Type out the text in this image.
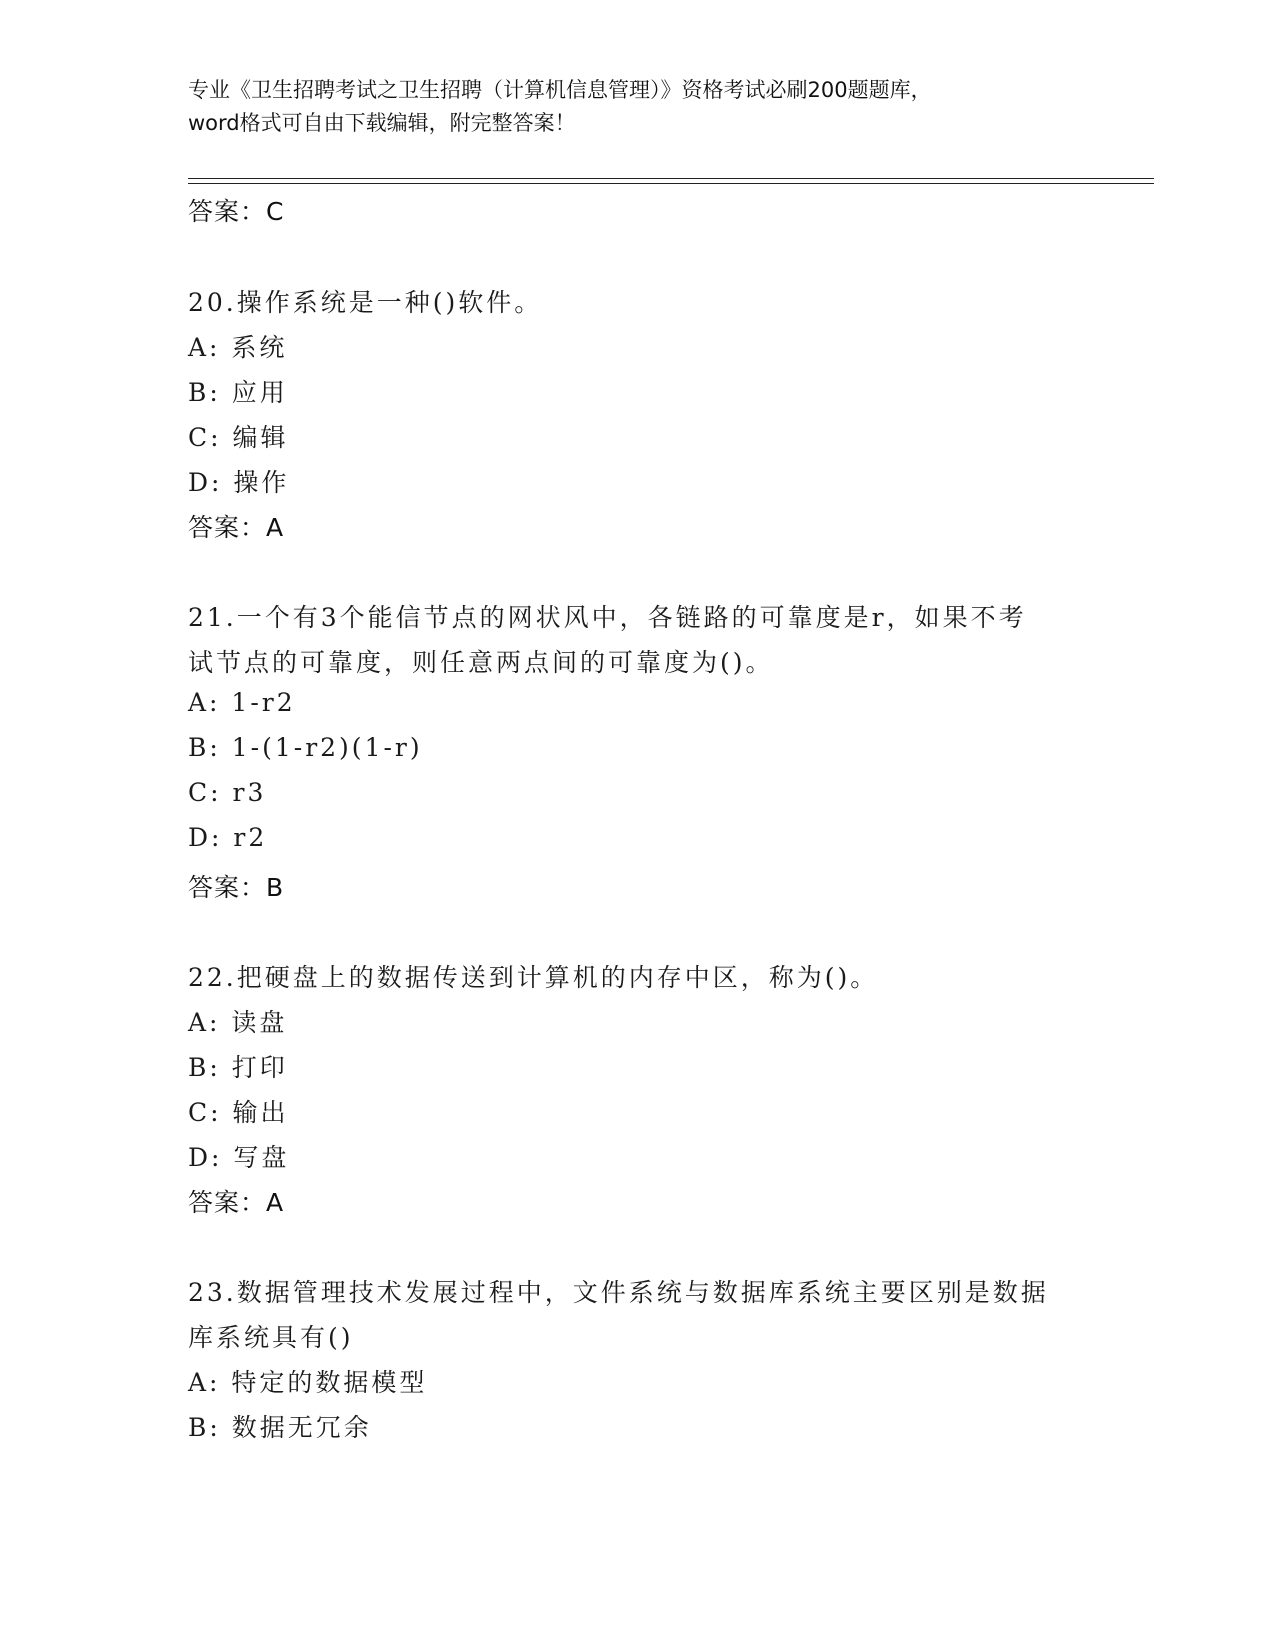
专业《卫生招聘考试之卫生招聘（计算机信息管理）》资格考试必刷200题题库，
word格式可自由下载编辑，附完整答案！
答案：C
20.操作系统是一种()软件。
A: 系统
B: 应用
C: 编辑
D: 操作
答案：A
21.一个有3个能信节点的网状风中，各链路的可靠度是r，如果不考
试节点的可靠度，则任意两点间的可靠度为()。
A: 1-r2
B: 1-(1-r2)(1-r)
C: r3
D: r2
答案：B
22.把硬盘上的数据传送到计算机的内存中区，称为()。
A: 读盘
B: 打印
C: 输出
D: 写盘
答案：A
23.数据管理技术发展过程中，文件系统与数据库系统主要区别是数据
库系统具有()
A: 特定的数据模型
B: 数据无冗余
